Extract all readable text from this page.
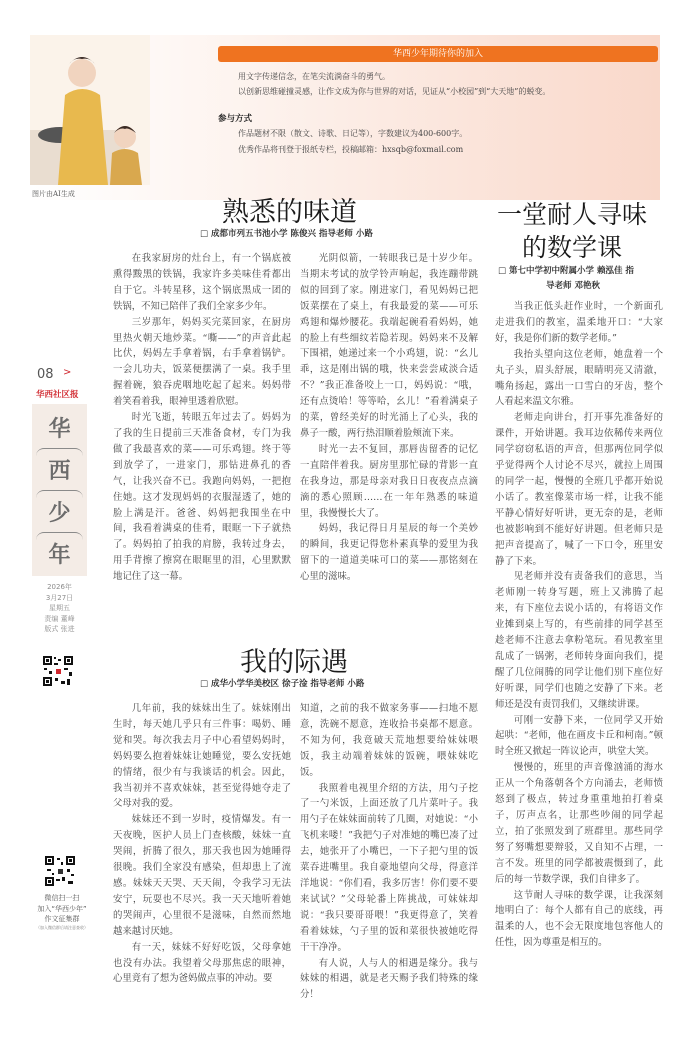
图片由AI生成
华西少年期待你的加入
用文字传递信念，在笔尖流淌奋斗的勇气。
以创新思维碰撞灵感，让作文成为你与世界的对话，见证从“小校园”到“大天地”的蜕变。
参与方式
作品题材不限（散文、诗歌、日记等），字数建议为400-600字。
优秀作品将刊登于报纸专栏，投稿邮箱：hxsqb@foxmail.com
08 >
华西社区报
华
西
少
年
2026年
3月27日
星期五
责编 董峰
版式 张进
微信扫一扫
加入“华西少年”
作文征集群
（加入微信群后请注意查收）
熟悉的味道
□ 成都市列五书池小学 陈俊兴 指导老师 小路

在我家厨房的灶台上，有一个锅底被熏得黢黑的铁锅，我家许多美味佳肴都出自于它。斗转星移，这个锅底黑成一团的铁锅，不知已陪伴了我们全家多少年。

三岁那年，妈妈买完菜回家，在厨房里热火朝天地炒菜。“嘶——”的声音此起比伏，妈妈左手拿着锅，右手拿着锅铲。一会儿功夫，饭菜便摆满了一桌。我手里握着碗，狼吞虎咽地吃起了起来。妈妈带着笑看着我，眼神里透着欣慰。

时光飞逝，转眼五年过去了。妈妈为了我的生日提前三天准备食材，专门为我做了我最喜欢的菜——可乐鸡翅。终于等到放学了，一进家门，那钻进鼻孔的香气，让我兴奋不已。我跑向妈妈，一把抱住她。这才发现妈妈的衣服湿透了，她的脸上满是汗。爸爸、妈妈把我围坐在中间，我看着满桌的佳肴，眼眶一下子就热了。妈妈拍了拍我的肩膀，我转过身去，用手背擦了擦窝在眼眶里的泪，心里默默地记住了这一幕。

光阴似箭，一转眼我已是十岁少年。当期末考试的放学铃声响起，我连蹦带跳似的回到了家。刚进家门，看见妈妈已把饭菜摆在了桌上，有我最爱的菜——可乐鸡翅和爆炒腰花。我端起碗看看妈妈，她的脸上有些细纹若隐若现。妈妈来不及解下围裙，她递过来一个小鸡翅，说：“幺儿乖，这是刚出锅的哦，快来尝尝咸淡合适不？”我正准备咬上一口，妈妈说：“哦，还有点烫哈！等等哈，幺儿！”看着满桌子的菜，曾经美好的时光涌上了心头，我的鼻子一酸，两行热泪顺着脸颊流下来。

时光一去不复回，那唇齿留香的记忆一直陪伴着我。厨房里那忙碌的背影一直在我身边，那是母亲对我日日夜夜点点滴滴的悉心照顾……在一年年熟悉的味道里，我慢慢长大了。

妈妈，我记得日月星辰的每一个美妙的瞬间，我更记得您朴素真挚的爱里为我留下的一道道美味可口的菜——那铭刻在心里的滋味。

我的际遇
□ 成华小学华美校区 徐子淦 指导老师 小路

几年前，我的妹妹出生了。妹妹刚出生时，每天她几乎只有三件事：喝奶、睡觉和哭。每次我去月子中心看望妈妈时，妈妈要么抱着妹妹让她睡觉，要么安抚她的情绪，很少有与我谈话的机会。因此，我当初并不喜欢妹妹，甚至觉得她夺走了父母对我的爱。

妹妹还不到一岁时，疫情爆发。有一天夜晚，医护人员上门查核酸，妹妹一直哭闹，折腾了很久，那天我也因为她睡得很晚。我们全家没有感染，但却患上了流感。妹妹天天哭、天天闹，令我学习无法安宁，玩耍也不尽兴。我一天天地听着她的哭闹声，心里很不是滋味，自然而然地越来越讨厌她。

有一天，妹妹不好好吃饭，父母拿她也没有办法。我望着父母那焦虑的眼神，心里竟有了想为爸妈做点事的冲动。要

知道，之前的我不做家务事——扫地不愿意，洗碗不愿意，连收拾书桌都不愿意。不知为何，我竟破天荒地想要给妹妹喂饭，我主动端着妹妹的饭碗，喂妹妹吃饭。

我照着电视里介绍的方法，用勺子挖了一勺米饭，上面还放了几片菜叶子。我用勺子在妹妹面前转了几圈，对她说：“小飞机来喽！”我把勺子对准她的嘴巴凑了过去，她张开了小嘴巴，一下子把勺里的饭菜吞进嘴里。我自豪地望向父母，得意洋洋地说：“你们看，我多厉害！你们要不要来试试？”父母轮番上阵挑战，可妹妹却说：“我只要哥哥喂！”我更得意了，笑着看着妹妹，勺子里的饭和菜很快被她吃得干干净净。

有人说，人与人的相遇是缘分。我与妹妹的相遇，就是老天赐予我们特殊的缘分！

一堂耐人寻味
的数学课
□ 第七中学初中附属小学 赖泓佳 指
导老师 邓艳秋

当我正低头赶作业时，一个新面孔走进我们的教室，温柔地开口：“大家好，我是你们新的数学老师。”

我抬头望向这位老师，她盘着一个丸子头，眉头舒展，眼睛明亮又清澈，嘴角扬起，露出一口雪白的牙齿，整个人看起来温文尔雅。

老师走向讲台，打开事先准备好的课件，开始讲题。我耳边依稀传来两位同学窃窃私语的声音，但那两位同学似乎觉得两个人讨论不尽兴，就拉上周围的同学一起，慢慢的全班几乎都开始说小话了。教室像菜市场一样，让我不能平静心情好好听讲，更无奈的是，老师也被影响到不能好好讲题。但老师只是把声音提高了，喊了一下口令，班里安静了下来。

见老师并没有责备我们的意思，当老师刚一转身写题，班上又沸腾了起来，有下座位去说小话的，有将语文作业摊到桌上写的，有些前排的同学甚至趁老师不注意去拿粉笔玩。看见教室里乱成了一锅粥，老师转身面向我们，提醒了几位闹腾的同学让他们别下座位好好听课，同学们也随之安静了下来。老师还是没有责罚我们，又继续讲课。

可刚一安静下来，一位同学又开始起哄：“老师，他在画皮卡丘和柯南。”顿时全班又掀起一阵议论声，哄堂大笑。

慢慢的，班里的声音像汹涌的海水正从一个角落朝各个方向涌去，老师愤怒到了极点，转过身重重地拍打着桌子，厉声点名，让那些吵闹的同学起立，拍了张照发到了班群里。那些同学努了努嘴想要辩驳，又自知不占理，一言不发。班里的同学都被震慑到了，此后的每一节数学课，我们自律多了。

这节耐人寻味的数学课，让我深刻地明白了：每个人都有自己的底线，再温柔的人，也不会无限度地包容他人的任性，因为尊重是相互的。
